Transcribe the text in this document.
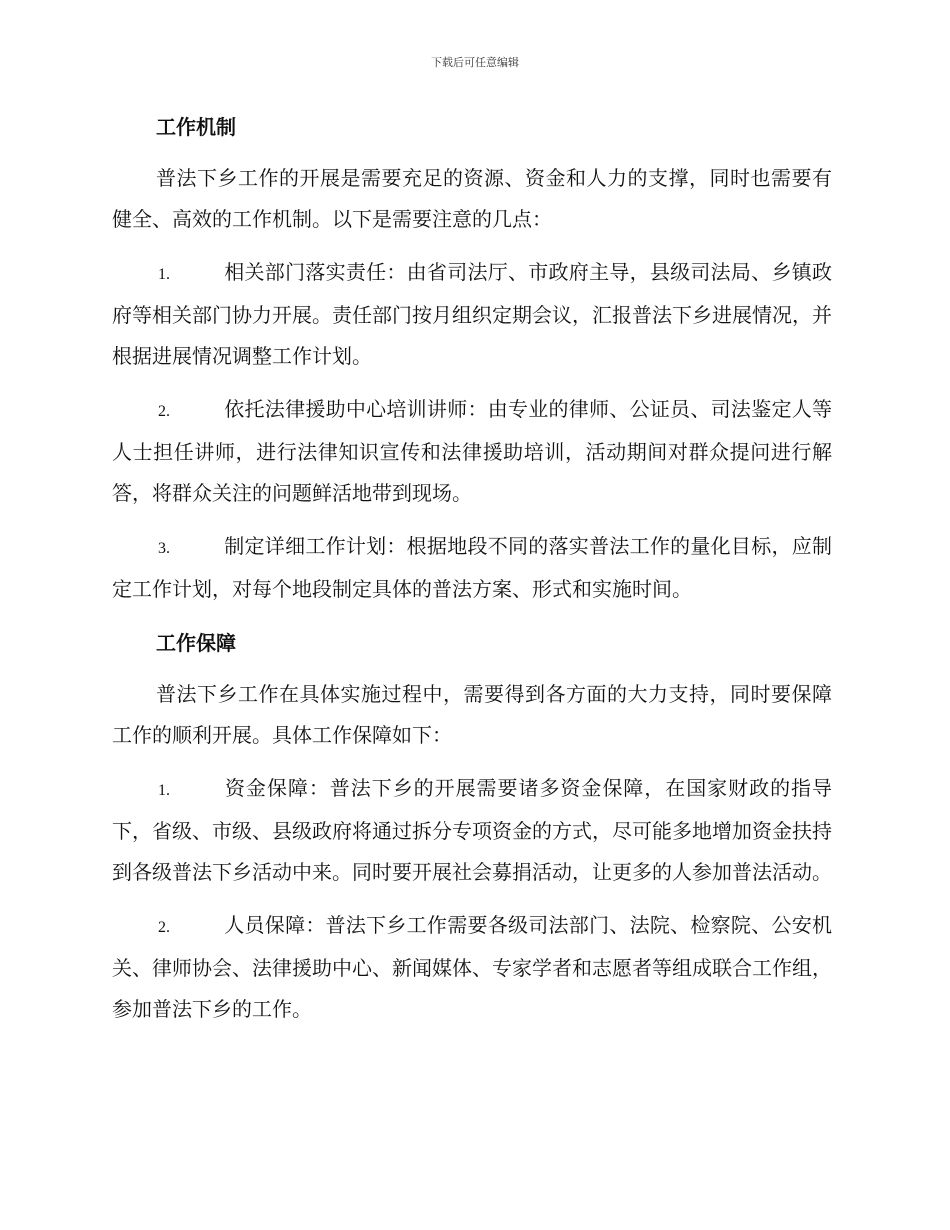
下载后可任意编辑
工作机制

普法下乡工作的开展是需要充足的资源、资金和人力的支撑，同时也需要有健全、高效的工作机制。以下是需要注意的几点：

1.	相关部门落实责任：由省司法厅、市政府主导，县级司法局、乡镇政府等相关部门协力开展。责任部门按月组织定期会议，汇报普法下乡进展情况，并根据进展情况调整工作计划。

2.	依托法律援助中心培训讲师：由专业的律师、公证员、司法鉴定人等人士担任讲师，进行法律知识宣传和法律援助培训，活动期间对群众提问进行解答，将群众关注的问题鲜活地带到现场。

3.	制定详细工作计划：根据地段不同的落实普法工作的量化目标，应制定工作计划，对每个地段制定具体的普法方案、形式和实施时间。

工作保障

普法下乡工作在具体实施过程中，需要得到各方面的大力支持，同时要保障工作的顺利开展。具体工作保障如下：

1.	资金保障：普法下乡的开展需要诸多资金保障，在国家财政的指导下，省级、市级、县级政府将通过拆分专项资金的方式，尽可能多地增加资金扶持到各级普法下乡活动中来。同时要开展社会募捐活动，让更多的人参加普法活动。

2.	人员保障：普法下乡工作需要各级司法部门、法院、检察院、公安机关、律师协会、法律援助中心、新闻媒体、专家学者和志愿者等组成联合工作组，参加普法下乡的工作。
